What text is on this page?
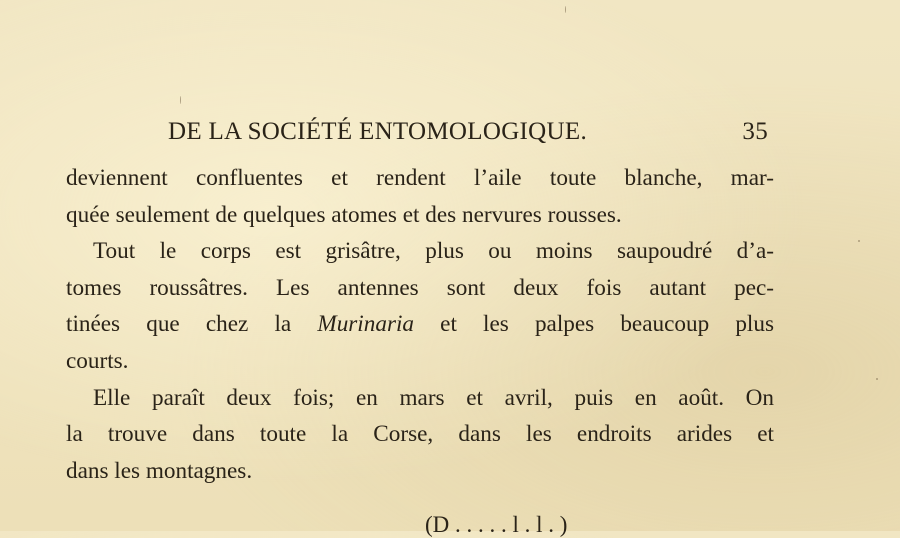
DE LA SOCIÉTÉ ENTOMOLOGIQUE.	35
deviennent confluentes et rendent l’aile toute blanche, mar-
quée seulement de quelques atomes et des nervures rousses.
Tout le corps est grisâtre, plus ou moins saupoudré d’a-
tomes roussâtres. Les antennes sont deux fois autant pec-
tinées que chez la Murinaria et les palpes beaucoup plus
courts.
Elle paraît deux fois; en mars et avril, puis en août. On
la trouve dans toute la Corse, dans les endroits arides et
dans les montagnes.
(D . . . . . l . l . )
